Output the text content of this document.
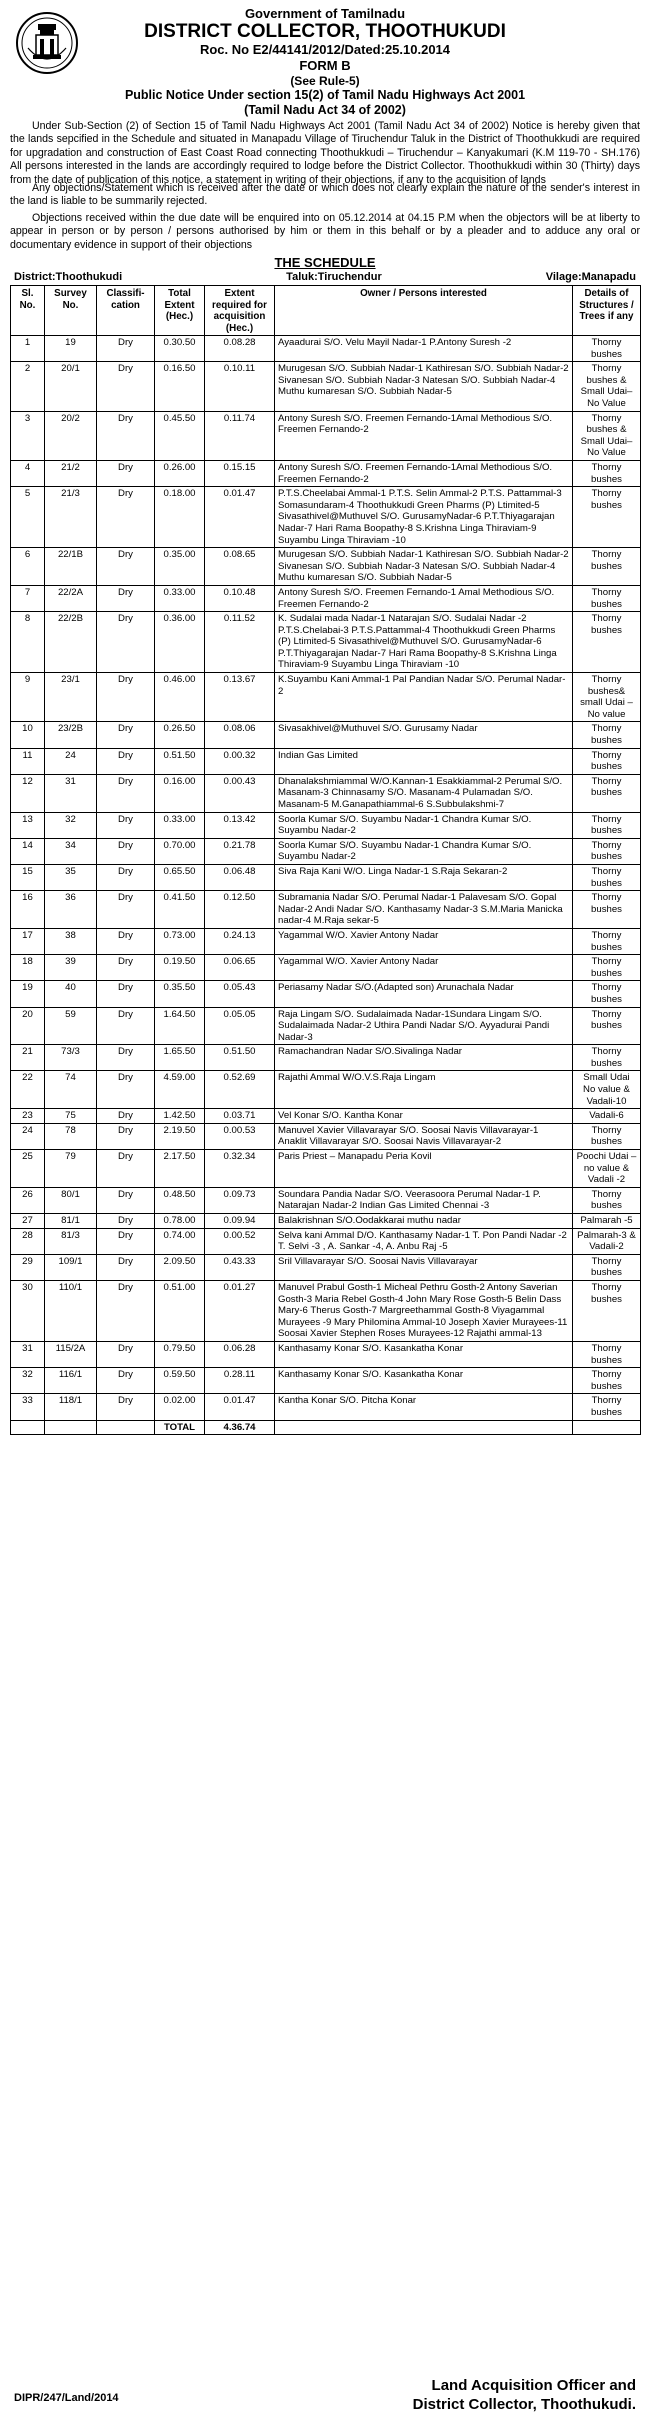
Government of Tamilnadu
DISTRICT COLLECTOR, THOOTHUKUDI
Roc. No E2/44141/2012/Dated:25.10.2014
FORM B
(See Rule-5)
Public Notice Under section 15(2) of Tamil Nadu Highways Act 2001
(Tamil Nadu Act 34 of 2002)

Under Sub-Section (2) of Section 15 of Tamil Nadu Highways Act 2001 (Tamil Nadu Act 34 of 2002) Notice is hereby given that the lands sepcified in the Schedule and situated in Manapadu Village of Tiruchendur Taluk in the District of Thoothukkudi are required for upgradation and construction of East Coast Road connecting Thoothukkudi – Tiruchendur – Kanyakumari (K.M 119-70 - SH.176) All persons interested in the lands are accordingly required to lodge before the District Collector. Thoothukkudi within 30 (Thirty) days from the date of publication of this notice, a statement in writing of their objections, if any to the acquisition of lands

Any objections/Statement which is received after the date or which does not clearly explain the nature of the sender's interest in the land is liable to be summarily rejected.

Objections received within the due date will be enquired into on 05.12.2014 at 04.15 P.M when the objectors will be at liberty to appear in person or by person / persons authorised by him or them in this behalf or by a pleader and to adduce any oral or documentary evidence in support of their objections

THE SCHEDULE
District:Thoothukudi	Taluk:Tiruchendur	Vilage:Manapadu
Sl. No.	Survey No.	Classifi- cation	Total Extent (Hec.)	Extent required for acquisition (Hec.)	Owner / Persons interested	Details of Structures / Trees if any
1	19	Dry	0.30.50	0.08.28	Ayaadurai S/O. Velu Mayil Nadar-1 P.Antony Suresh -2	Thorny bushes
2	20/1	Dry	0.16.50	0.10.11	Murugesan S/O. Subbiah Nadar-1 Kathiresan S/O. Subbiah Nadar-2 Sivanesan S/O. Subbiah Nadar-3 Natesan S/O. Subbiah Nadar-4 Muthu kumaresan S/O. Subbiah Nadar-5	Thorny bushes & Small Udai– No Value
3	20/2	Dry	0.45.50	0.11.74	Antony Suresh S/O. Freemen Fernando-1Amal Methodious S/O. Freemen Fernando-2	Thorny bushes & Small Udai– No Value
4	21/2	Dry	0.26.00	0.15.15	Antony Suresh S/O. Freemen Fernando-1Amal Methodious S/O. Freemen Fernando-2	Thorny bushes
5	21/3	Dry	0.18.00	0.01.47	P.T.S.Cheelabai Ammal-1 P.T.S. Selin Ammal-2 P.T.S. Pattammal-3 Somasundaram-4 Thoothukkudi Green Pharms (P) Ltimited-5 Sivasathivel@Muthuvel S/O. GurusamyNadar-6 P.T.Thiyagarajan Nadar-7 Hari Rama Boopathy-8 S.Krishna Linga Thiraviam-9 Suyambu Linga Thiraviam -10	Thorny bushes
6	22/1B	Dry	0.35.00	0.08.65	Murugesan S/O. Subbiah Nadar-1 Kathiresan S/O. Subbiah Nadar-2 Sivanesan S/O. Subbiah Nadar-3 Natesan S/O. Subbiah Nadar-4 Muthu kumaresan S/O. Subbiah Nadar-5	Thorny bushes
7	22/2A	Dry	0.33.00	0.10.48	Antony Suresh S/O. Freemen Fernando-1 Amal Methodious S/O. Freemen Fernando-2	Thorny bushes
8	22/2B	Dry	0.36.00	0.11.52	K. Sudalai mada Nadar-1 Natarajan S/O. Sudalai Nadar -2 P.T.S.Chelabai-3 P.T.S.Pattammal-4 Thoothukkudi Green Pharms (P) Ltimited-5 Sivasathivel@Muthuvel S/O. GurusamyNadar-6 P.T.Thiyagarajan Nadar-7 Hari Rama Boopathy-8 S.Krishna Linga Thiraviam-9 Suyambu Linga Thiraviam -10	Thorny bushes
9	23/1	Dry	0.46.00	0.13.67	K.Suyambu Kani Ammal-1 Pal Pandian Nadar S/O. Perumal Nadar-2	Thorny bushes& small Udai –No value
10	23/2B	Dry	0.26.50	0.08.06	Sivasakhivel@Muthuvel S/O. Gurusamy Nadar	Thorny bushes
11	24	Dry	0.51.50	0.00.32	Indian Gas Limited	Thorny bushes
12	31	Dry	0.16.00	0.00.43	Dhanalakshmiammal W/O.Kannan-1 Esakkiammal-2 Perumal S/O. Masanam-3 Chinnasamy S/O. Masanam-4 Pulamadan S/O. Masanam-5 M.Ganapathiammal-6 S.Subbulakshmi-7	Thorny bushes
13	32	Dry	0.33.00	0.13.42	Soorla Kumar S/O. Suyambu Nadar-1 Chandra Kumar S/O. Suyambu Nadar-2	Thorny bushes
14	34	Dry	0.70.00	0.21.78	Soorla Kumar S/O. Suyambu Nadar-1 Chandra Kumar S/O. Suyambu Nadar-2	Thorny bushes
15	35	Dry	0.65.50	0.06.48	Siva Raja Kani W/O. Linga Nadar-1 S.Raja Sekaran-2	Thorny bushes
16	36	Dry	0.41.50	0.12.50	Subramania Nadar S/O. Perumal Nadar-1 Palavesam S/O. Gopal Nadar-2 Andi Nadar S/O. Kanthasamy Nadar-3 S.M.Maria Manicka nadar-4 M.Raja sekar-5	Thorny bushes
17	38	Dry	0.73.00	0.24.13	Yagammal W/O. Xavier Antony Nadar	Thorny bushes
18	39	Dry	0.19.50	0.06.65	Yagammal W/O. Xavier Antony Nadar	Thorny bushes
19	40	Dry	0.35.50	0.05.43	Periasamy Nadar S/O.(Adapted son) Arunachala Nadar	Thorny bushes
20	59	Dry	1.64.50	0.05.05	Raja Lingam S/O. Sudalaimada Nadar-1Sundara Lingam S/O. Sudalaimada Nadar-2 Uthira Pandi Nadar S/O. Ayyadurai Pandi Nadar-3	Thorny bushes
21	73/3	Dry	1.65.50	0.51.50	Ramachandran Nadar S/O.Sivalinga Nadar	Thorny bushes
22	74	Dry	4.59.00	0.52.69	Rajathi Ammal W/O.V.S.Raja Lingam	Small Udai No value & Vadali-10
23	75	Dry	1.42.50	0.03.71	Vel Konar S/O. Kantha Konar	Vadali-6
24	78	Dry	2.19.50	0.00.53	Manuvel Xavier Villavarayar S/O. Soosai Navis Villavarayar-1 Anaklit Villavarayar S/O. Soosai Navis Villavarayar-2	Thorny bushes
25	79	Dry	2.17.50	0.32.34	Paris Priest – Manapadu Peria Kovil	Poochi Udai –no value & Vadali -2
26	80/1	Dry	0.48.50	0.09.73	Soundara Pandia Nadar S/O. Veerasoora Perumal Nadar-1 P. Natarajan Nadar-2 Indian Gas Limited Chennai -3	Thorny bushes
27	81/1	Dry	0.78.00	0.09.94	Balakrishnan S/O.Oodakkarai muthu nadar	Palmarah -5
28	81/3	Dry	0.74.00	0.00.52	Selva kani Ammal D/O. Kanthasamy Nadar-1 T. Pon Pandi Nadar -2 T. Selvi -3 , A. Sankar -4, A. Anbu Raj -5	Palmarah-3 & Vadali-2
29	109/1	Dry	2.09.50	0.43.33	Sril Villavarayar S/O. Soosai Navis Villavarayar	Thorny bushes
30	110/1	Dry	0.51.00	0.01.27	Manuvel Prabul Gosth-1 Micheal Pethru Gosth-2 Antony Saverian Gosth-3 Maria Rebel Gosth-4 John Mary Rose Gosth-5 Belin Dass Mary-6 Therus Gosth-7 Margreethammal Gosth-8 Viyagammal Murayees -9 Mary Philomina Ammal-10 Joseph Xavier Murayees-11 Soosai Xavier Stephen Roses Murayees-12 Rajathi ammal-13	Thorny bushes
31	115/2A	Dry	0.79.50	0.06.28	Kanthasamy Konar S/O. Kasankatha Konar	Thorny bushes
32	116/1	Dry	0.59.50	0.28.11	Kanthasamy Konar S/O. Kasankatha Konar	Thorny bushes
33	118/1	Dry	0.02.00	0.01.47	Kantha Konar S/O. Pitcha Konar	Thorny bushes
			TOTAL	4.36.74		
DIPR/247/Land/2014
Land Acquisition Officer and
District Collector, Thoothukudi.
